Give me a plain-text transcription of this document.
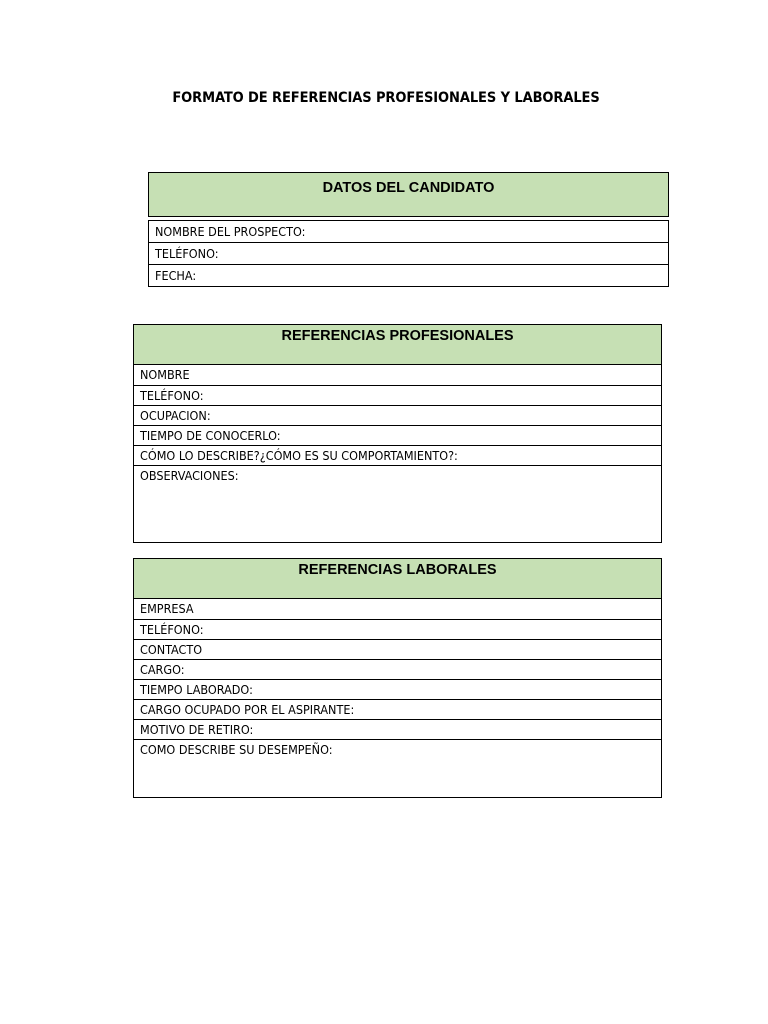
FORMATO DE REFERENCIAS PROFESIONALES Y LABORALES
DATOS DEL CANDIDATO
NOMBRE DEL PROSPECTO:
TELÉFONO:
FECHA:
REFERENCIAS PROFESIONALES
NOMBRE
TELÉFONO:
OCUPACION:
TIEMPO DE CONOCERLO:
CÓMO LO DESCRIBE?¿CÓMO ES SU COMPORTAMIENTO?:
OBSERVACIONES:
REFERENCIAS LABORALES
EMPRESA
TELÉFONO:
CONTACTO
CARGO:
TIEMPO LABORADO:
CARGO OCUPADO POR EL ASPIRANTE:
MOTIVO DE RETIRO:
COMO DESCRIBE SU DESEMPEÑO:
